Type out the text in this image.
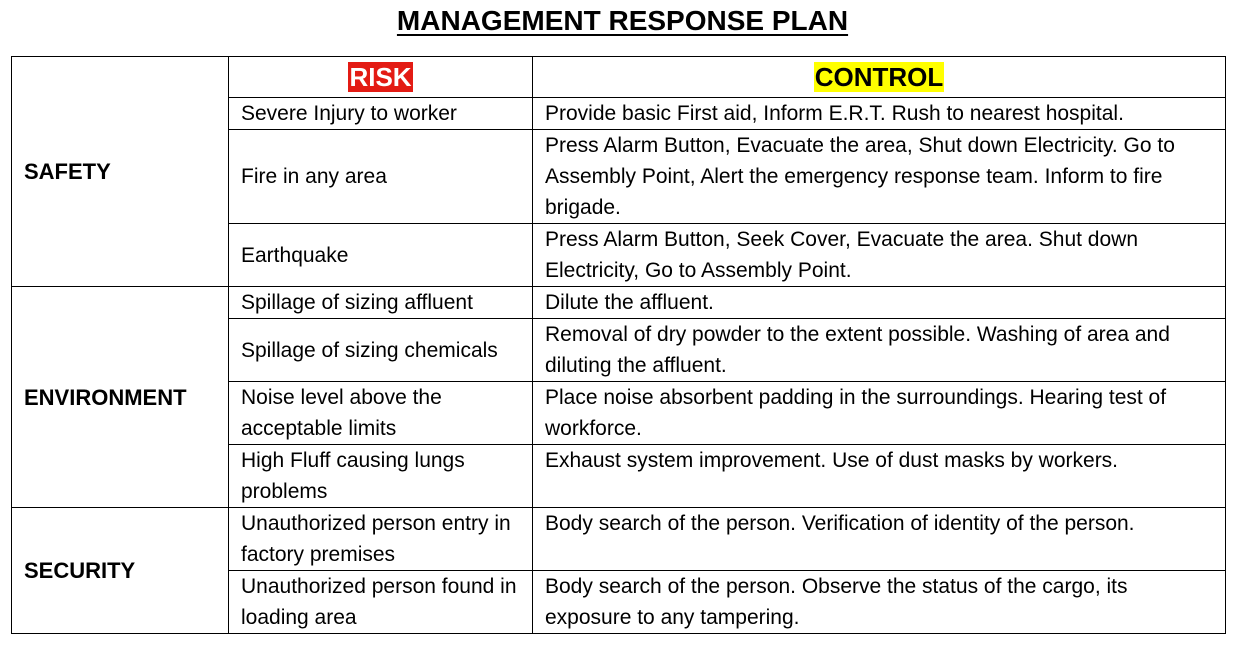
MANAGEMENT RESPONSE PLAN
SAFETY	RISK	CONTROL
	Severe Injury to worker	Provide basic First aid, Inform E.R.T. Rush to nearest hospital.
	Fire in any area	Press Alarm Button, Evacuate the area, Shut down Electricity. Go to Assembly Point, Alert the emergency response team. Inform to fire brigade.
	Earthquake	Press Alarm Button, Seek Cover, Evacuate the area. Shut down Electricity, Go to Assembly Point.
ENVIRONMENT	Spillage of sizing affluent	Dilute the affluent.
	Spillage of sizing chemicals	Removal of dry powder to the extent possible. Washing of area and diluting the affluent.
	Noise level above the acceptable limits	Place noise absorbent padding in the surroundings. Hearing test of workforce.
	High Fluff causing lungs problems	Exhaust system improvement. Use of dust masks by workers.
SECURITY	Unauthorized person entry in factory premises	Body search of the person. Verification of identity of the person.
	Unauthorized person found in loading area	Body search of the person. Observe the status of the cargo, its exposure to any tampering.
